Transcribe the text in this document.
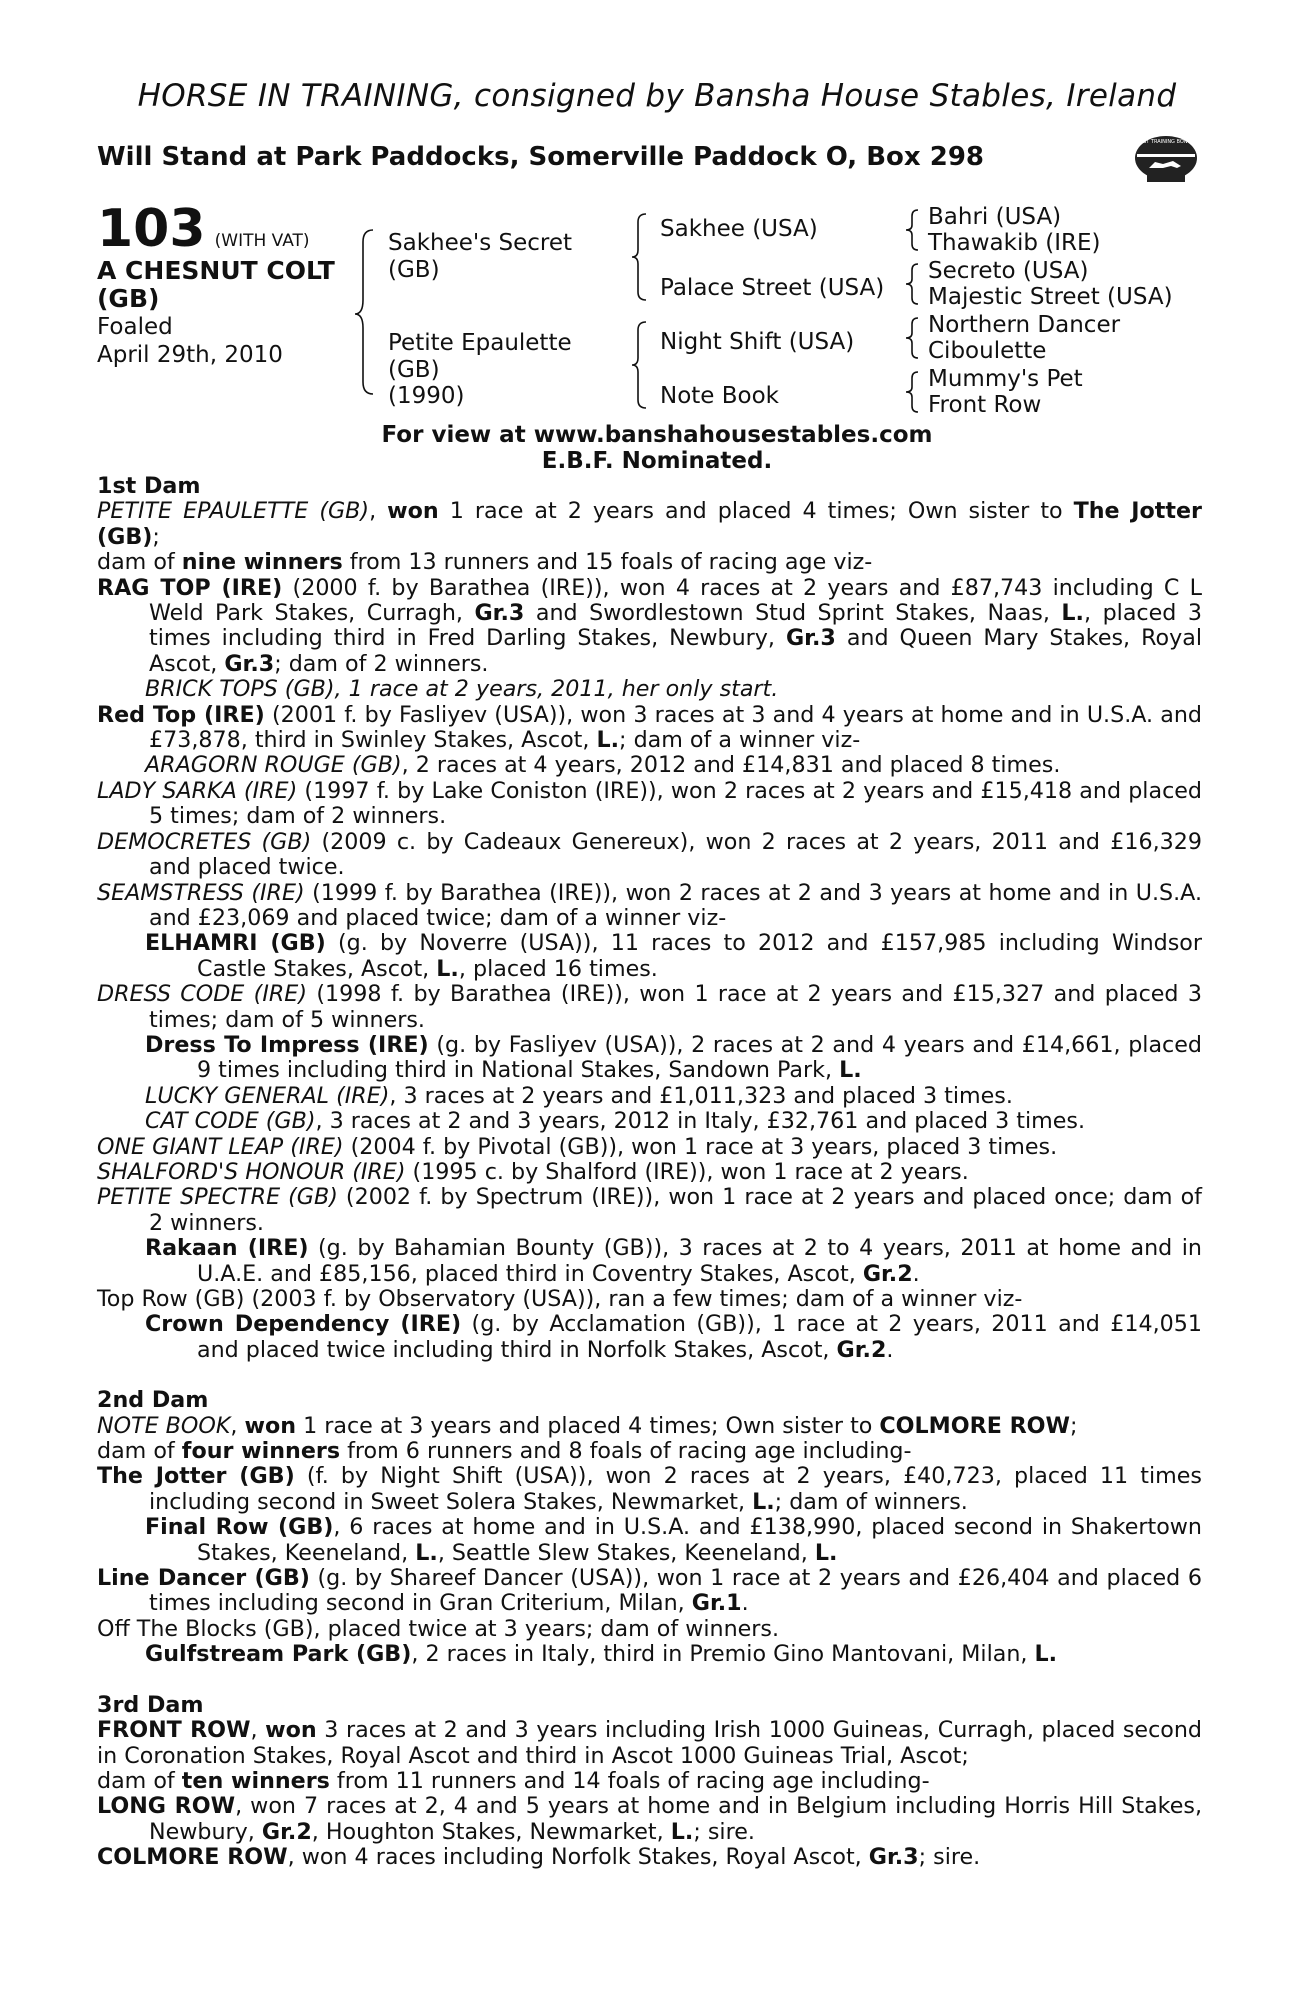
HORSE IN TRAINING, consigned by Bansha House Stables, Ireland
Will Stand at Park Paddocks, Somerville Paddock O, Box 298	RACING POST TRAINING BONUS £10,000
103 (WITH VAT)
A CHESNUT COLT
(GB)
Foaled
April 29th, 2010
Sakhee's Secret
(GB)
Petite Epaulette
(GB)
(1990)
Sakhee (USA)
Palace Street (USA)
Night Shift (USA)
Note Book
Bahri (USA)
Thawakib (IRE)
Secreto (USA)
Majestic Street (USA)
Northern Dancer
Ciboulette
Mummy's Pet
Front Row
For view at www.banshahousestables.com
E.B.F. Nominated.
1st Dam
PETITE EPAULETTE (GB), won 1 race at 2 years and placed 4 times; Own sister to The Jotter (GB);
dam of nine winners from 13 runners and 15 foals of racing age viz-
RAG TOP (IRE) (2000 f. by Barathea (IRE)), won 4 races at 2 years and £87,743 including C L Weld Park Stakes, Curragh, Gr.3 and Swordlestown Stud Sprint Stakes, Naas, L., placed 3 times including third in Fred Darling Stakes, Newbury, Gr.3 and Queen Mary Stakes, Royal Ascot, Gr.3; dam of 2 winners.
BRICK TOPS (GB), 1 race at 2 years, 2011, her only start.
Red Top (IRE) (2001 f. by Fasliyev (USA)), won 3 races at 3 and 4 years at home and in U.S.A. and £73,878, third in Swinley Stakes, Ascot, L.; dam of a winner viz-
ARAGORN ROUGE (GB), 2 races at 4 years, 2012 and £14,831 and placed 8 times.
LADY SARKA (IRE) (1997 f. by Lake Coniston (IRE)), won 2 races at 2 years and £15,418 and placed 5 times; dam of 2 winners.
DEMOCRETES (GB) (2009 c. by Cadeaux Genereux), won 2 races at 2 years, 2011 and £16,329 and placed twice.
SEAMSTRESS (IRE) (1999 f. by Barathea (IRE)), won 2 races at 2 and 3 years at home and in U.S.A. and £23,069 and placed twice; dam of a winner viz-
ELHAMRI (GB) (g. by Noverre (USA)), 11 races to 2012 and £157,985 including Windsor Castle Stakes, Ascot, L., placed 16 times.
DRESS CODE (IRE) (1998 f. by Barathea (IRE)), won 1 race at 2 years and £15,327 and placed 3 times; dam of 5 winners.
Dress To Impress (IRE) (g. by Fasliyev (USA)), 2 races at 2 and 4 years and £14,661, placed 9 times including third in National Stakes, Sandown Park, L.
LUCKY GENERAL (IRE), 3 races at 2 years and £1,011,323 and placed 3 times.
CAT CODE (GB), 3 races at 2 and 3 years, 2012 in Italy, £32,761 and placed 3 times.
ONE GIANT LEAP (IRE) (2004 f. by Pivotal (GB)), won 1 race at 3 years, placed 3 times.
SHALFORD'S HONOUR (IRE) (1995 c. by Shalford (IRE)), won 1 race at 2 years.
PETITE SPECTRE (GB) (2002 f. by Spectrum (IRE)), won 1 race at 2 years and placed once; dam of 2 winners.
Rakaan (IRE) (g. by Bahamian Bounty (GB)), 3 races at 2 to 4 years, 2011 at home and in U.A.E. and £85,156, placed third in Coventry Stakes, Ascot, Gr.2.
Top Row (GB) (2003 f. by Observatory (USA)), ran a few times; dam of a winner viz-
Crown Dependency (IRE) (g. by Acclamation (GB)), 1 race at 2 years, 2011 and £14,051 and placed twice including third in Norfolk Stakes, Ascot, Gr.2.
2nd Dam
NOTE BOOK, won 1 race at 3 years and placed 4 times; Own sister to COLMORE ROW;
dam of four winners from 6 runners and 8 foals of racing age including-
The Jotter (GB) (f. by Night Shift (USA)), won 2 races at 2 years, £40,723, placed 11 times including second in Sweet Solera Stakes, Newmarket, L.; dam of winners.
Final Row (GB), 6 races at home and in U.S.A. and £138,990, placed second in Shakertown Stakes, Keeneland, L., Seattle Slew Stakes, Keeneland, L.
Line Dancer (GB) (g. by Shareef Dancer (USA)), won 1 race at 2 years and £26,404 and placed 6 times including second in Gran Criterium, Milan, Gr.1.
Off The Blocks (GB), placed twice at 3 years; dam of winners.
Gulfstream Park (GB), 2 races in Italy, third in Premio Gino Mantovani, Milan, L.
3rd Dam
FRONT ROW, won 3 races at 2 and 3 years including Irish 1000 Guineas, Curragh, placed second in Coronation Stakes, Royal Ascot and third in Ascot 1000 Guineas Trial, Ascot;
dam of ten winners from 11 runners and 14 foals of racing age including-
LONG ROW, won 7 races at 2, 4 and 5 years at home and in Belgium including Horris Hill Stakes, Newbury, Gr.2, Houghton Stakes, Newmarket, L.; sire.
COLMORE ROW, won 4 races including Norfolk Stakes, Royal Ascot, Gr.3; sire.
